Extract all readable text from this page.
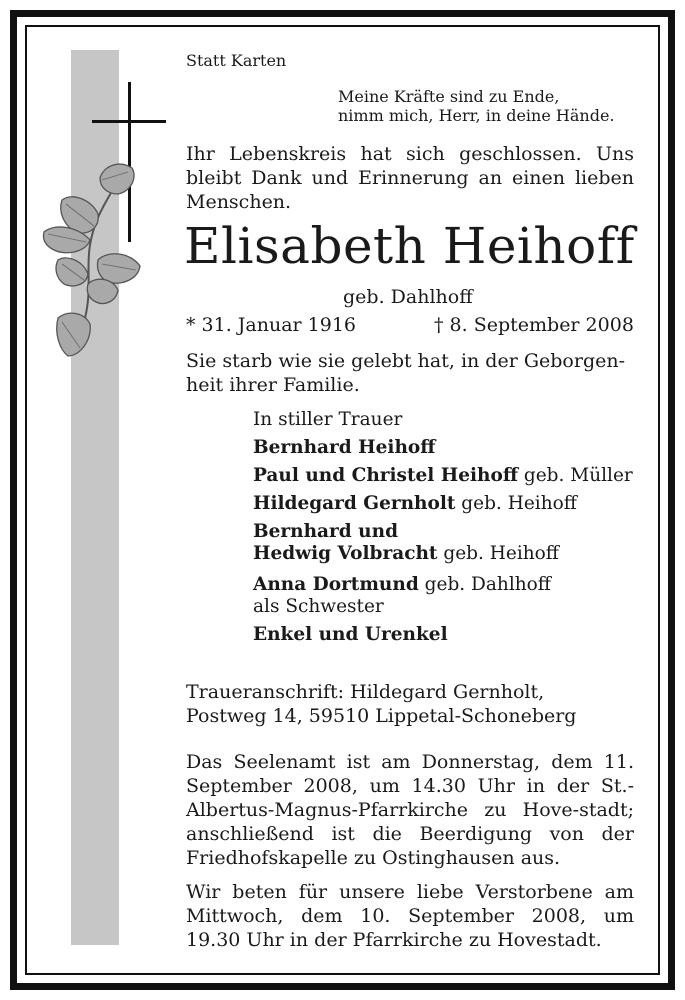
Statt Karten
Meine Kräfte sind zu Ende,
nimm mich, Herr, in deine Hände.
Ihr Lebenskreis hat sich geschlossen. Uns bleibt Dank und Erinnerung an einen lieben Menschen.
Elisabeth Heihoff
geb. Dahlhoff
* 31. Januar 1916	† 8. September 2008
Sie starb wie sie gelebt hat, in der Geborgen-
heit ihrer Familie.
In stiller Trauer
Bernhard Heihoff
Paul und Christel Heihoff geb. Müller
Hildegard Gernholt geb. Heihoff
Bernhard und
Hedwig Volbracht geb. Heihoff
Anna Dortmund geb. Dahlhoff
als Schwester
Enkel und Urenkel
Traueranschrift: Hildegard Gernholt,
Postweg 14, 59510 Lippetal-Schoneberg
Das Seelenamt ist am Donnerstag, dem 11. September 2008, um 14.30 Uhr in der St.-Albertus-Magnus-Pfarrkirche zu Hove-stadt; anschließend ist die Beerdigung von der Friedhofskapelle zu Ostinghausen aus.
Wir beten für unsere liebe Verstorbene am Mittwoch, dem 10. September 2008, um 19.30 Uhr in der Pfarrkirche zu Hovestadt.
